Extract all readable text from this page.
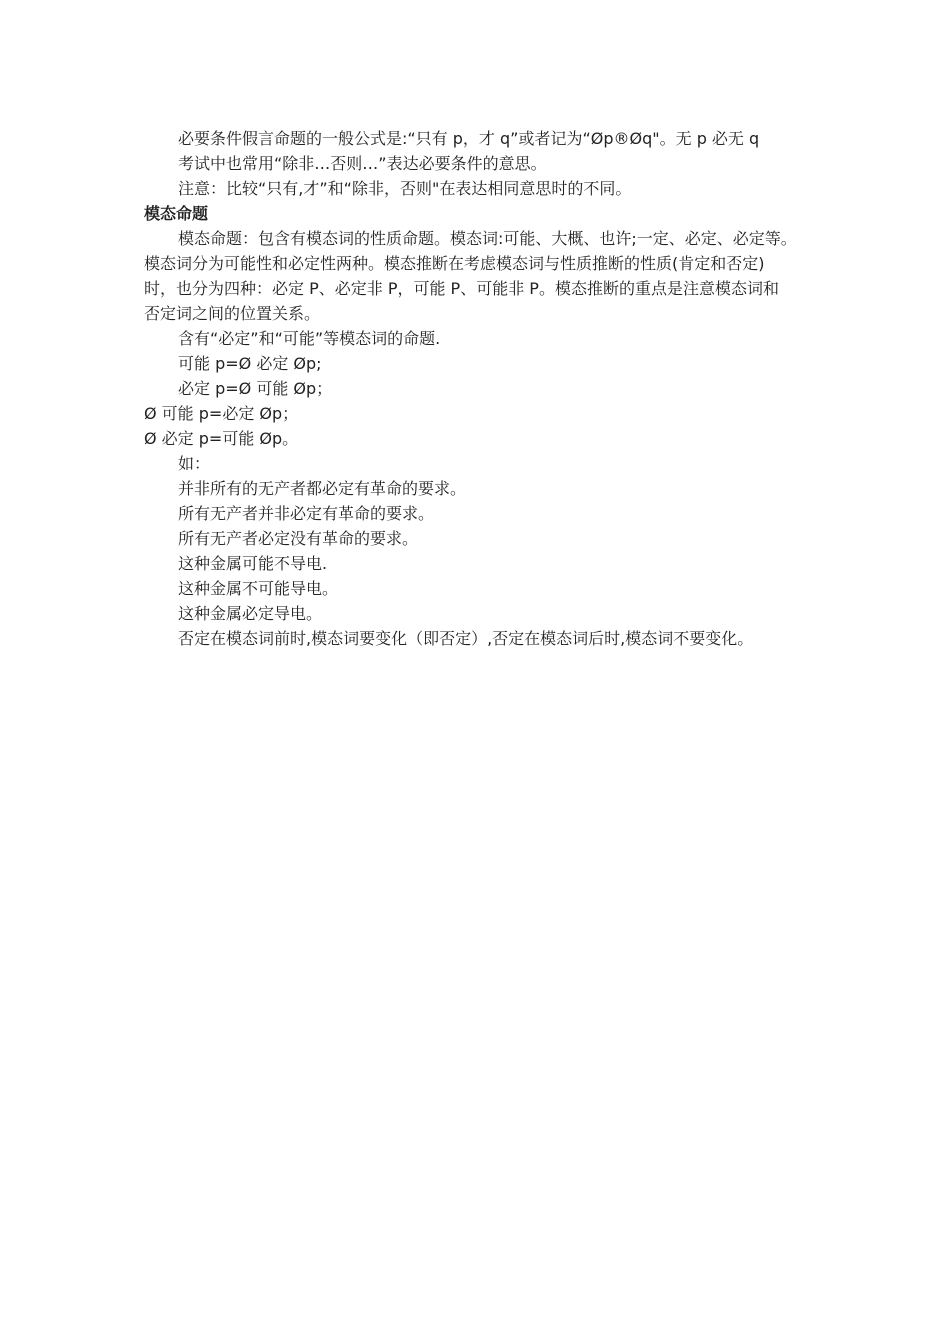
必要条件假言命题的一般公式是:“只有 p，才 q”或者记为“Øp®Øq"。无 p 必无 q
考试中也常用“除非…否则…”表达必要条件的意思。
注意：比较“只有,才”和“除非，否则"在表达相同意思时的不同。
模态命题
模态命题：包含有模态词的性质命题。模态词:可能、大概、也许;一定、必定、必定等。
模态词分为可能性和必定性两种。模态推断在考虑模态词与性质推断的性质(肯定和否定)
时，也分为四种：必定 P、必定非 P，可能 P、可能非 P。模态推断的重点是注意模态词和
否定词之间的位置关系。
含有“必定”和“可能”等模态词的命题.
可能 p=Ø 必定 Øp;
必定 p=Ø 可能 Øp；
Ø 可能 p=必定 Øp；
Ø 必定 p=可能 Øp。
如：
并非所有的无产者都必定有革命的要求。
所有无产者并非必定有革命的要求。
所有无产者必定没有革命的要求。
这种金属可能不导电.
这种金属不可能导电。
这种金属必定导电。
否定在模态词前时,模态词要变化（即否定）,否定在模态词后时,模态词不要变化。
